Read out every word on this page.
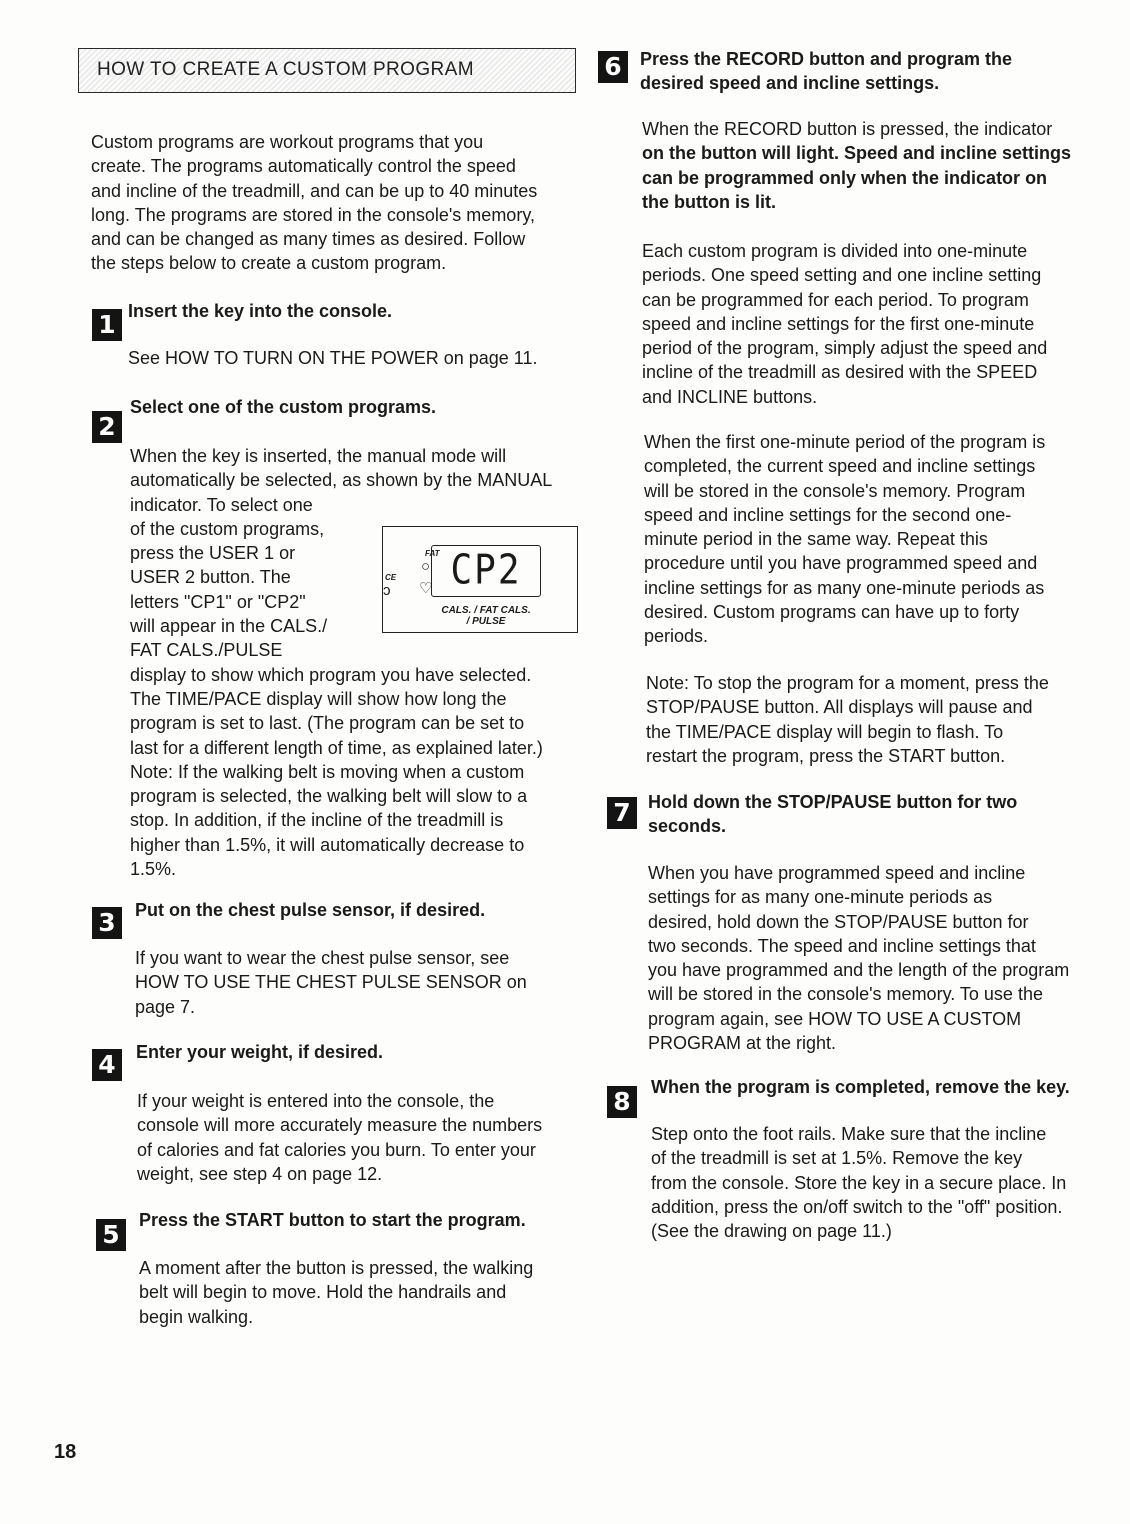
HOW TO CREATE A CUSTOM PROGRAM
Custom programs are workout programs that you
create. The programs automatically control the speed
and incline of the treadmill, and can be up to 40 minutes
long. The programs are stored in the console's memory,
and can be changed as many times as desired. Follow
the steps below to create a custom program.
1 Insert the key into the console.
See HOW TO TURN ON THE POWER on page 11.
2
Select one of the custom programs.
When the key is inserted, the manual mode will
automatically be selected, as shown by the MANUAL
indicator. To select one
of the custom programs,
press the USER 1 or
USER 2 button. The
letters "CP1" or "CP2"
will appear in the CALS./
FAT CALS./PULSE
display to show which program you have selected.
The TIME/PACE display will show how long the
program is set to last. (The program can be set to
last for a different length of time, as explained later.)
Note: If the walking belt is moving when a custom
program is selected, the walking belt will slow to a
stop. In addition, if the incline of the treadmill is
higher than 1.5%, it will automatically decrease to
1.5%.
FAT
○
CE
ɔ ♡ CP2
CALS. / FAT CALS.
/ PULSE
3	Put on the chest pulse sensor, if desired.
If you want to wear the chest pulse sensor, see
HOW TO USE THE CHEST PULSE SENSOR on
page 7.
4	Enter your weight, if desired.
If your weight is entered into the console, the
console will more accurately measure the numbers
of calories and fat calories you burn. To enter your
weight, see step 4 on page 12.
5	Press the START button to start the program.
A moment after the button is pressed, the walking
belt will begin to move. Hold the handrails and
begin walking.
6	Press the RECORD button and program the
desired speed and incline settings.
When the RECORD button is pressed, the indicator
on the button will light. Speed and incline settings
can be programmed only when the indicator on
the button is lit.
Each custom program is divided into one-minute
periods. One speed setting and one incline setting
can be programmed for each period. To program
speed and incline settings for the first one-minute
period of the program, simply adjust the speed and
incline of the treadmill as desired with the SPEED
and INCLINE buttons.
When the first one-minute period of the program is
completed, the current speed and incline settings
will be stored in the console's memory. Program
speed and incline settings for the second one-
minute period in the same way. Repeat this
procedure until you have programmed speed and
incline settings for as many one-minute periods as
desired. Custom programs can have up to forty
periods.
Note: To stop the program for a moment, press the
STOP/PAUSE button. All displays will pause and
the TIME/PACE display will begin to flash. To
restart the program, press the START button.
7 Hold down the STOP/PAUSE button for two
seconds.
When you have programmed speed and incline
settings for as many one-minute periods as
desired, hold down the STOP/PAUSE button for
two seconds. The speed and incline settings that
you have programmed and the length of the program
will be stored in the console's memory. To use the
program again, see HOW TO USE A CUSTOM
PROGRAM at the right.
8	When the program is completed, remove the key.
Step onto the foot rails. Make sure that the incline
of the treadmill is set at 1.5%. Remove the key
from the console. Store the key in a secure place. In
addition, press the on/off switch to the "off" position.
(See the drawing on page 11.)
18
